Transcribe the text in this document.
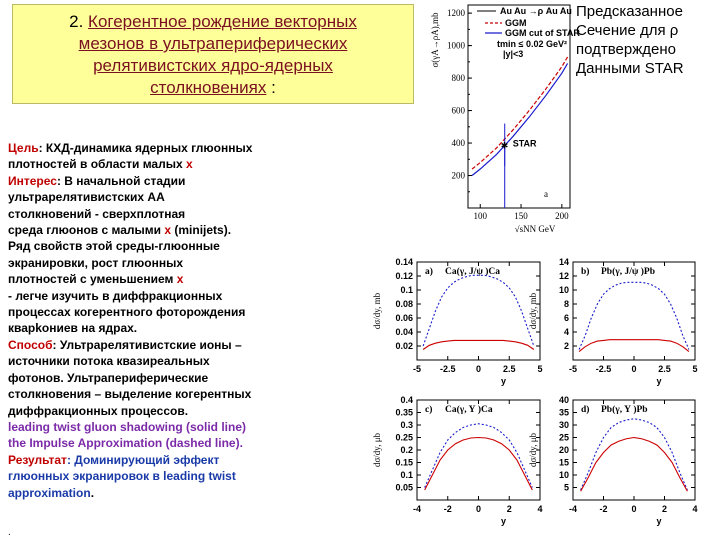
2. Когерентное рождение векторных
мезонов в ультрапериферических
релятивистских ядро-ядерных
столкновениях :
Цель: КХД-динамика ядерных глюонных
плотностей в области малых x
Интерес: В начальной стадии
ультрарелятивистских АА
столкновений - сверхплотная
среда глюонов с малыми x (minijets).
Ряд свойств этой среды-глюонные
экранировки, рост глюонных
плотностей с уменьшением x
- легче изучить в диффракционных
процессах когерентного фоторождения
кварkониев на ядрах.
Способ: Ультрарелятивистские ионы –
источники потока квазиреальных
фотонов. Ультрапериферические
столкновения – выделение когерентных
диффракционных процессов.
leading twist gluon shadowing (solid line)
the Impulse Approximation (dashed line).
Результат: Доминирующий эффект
глюонных экранировок в leading twist
approximation.
.
Предсказанное
Сечение для ρ
подтверждено
Данными STAR
1200
1000
800
600
400
200
σ(γA→ρA),mb
100	150	200
√sNN GeV
a
Au Au →ρ Au Au
GGM
GGM cut of STAR
tmin ≤ 0.02 GeV²
|y|<3
✱ STAR
0.02
0.04
0.06
0.08
0.1
0.12
0.14
-5 -2.5 0 2.5 5
dσ/dy, mb
y
a) Ca(γ, J/ψ )Ca
2
4
6
8
10
12
14
-5 -2.5 0 2.5 5
dσ/dy, mb
y
b) Pb(γ, J/ψ )Pb
0.05
0.1
0.15
0.2
0.25
0.3
0.35
0.4
-4	-2	0	2	4
dσ/dy, μb
y
c) Ca(γ, Υ )Ca
5
10
15
20
25
30
35
40
-4 -2	0	2	4
dσ/dy, μb
y
d) Pb(γ, Υ )Pb
